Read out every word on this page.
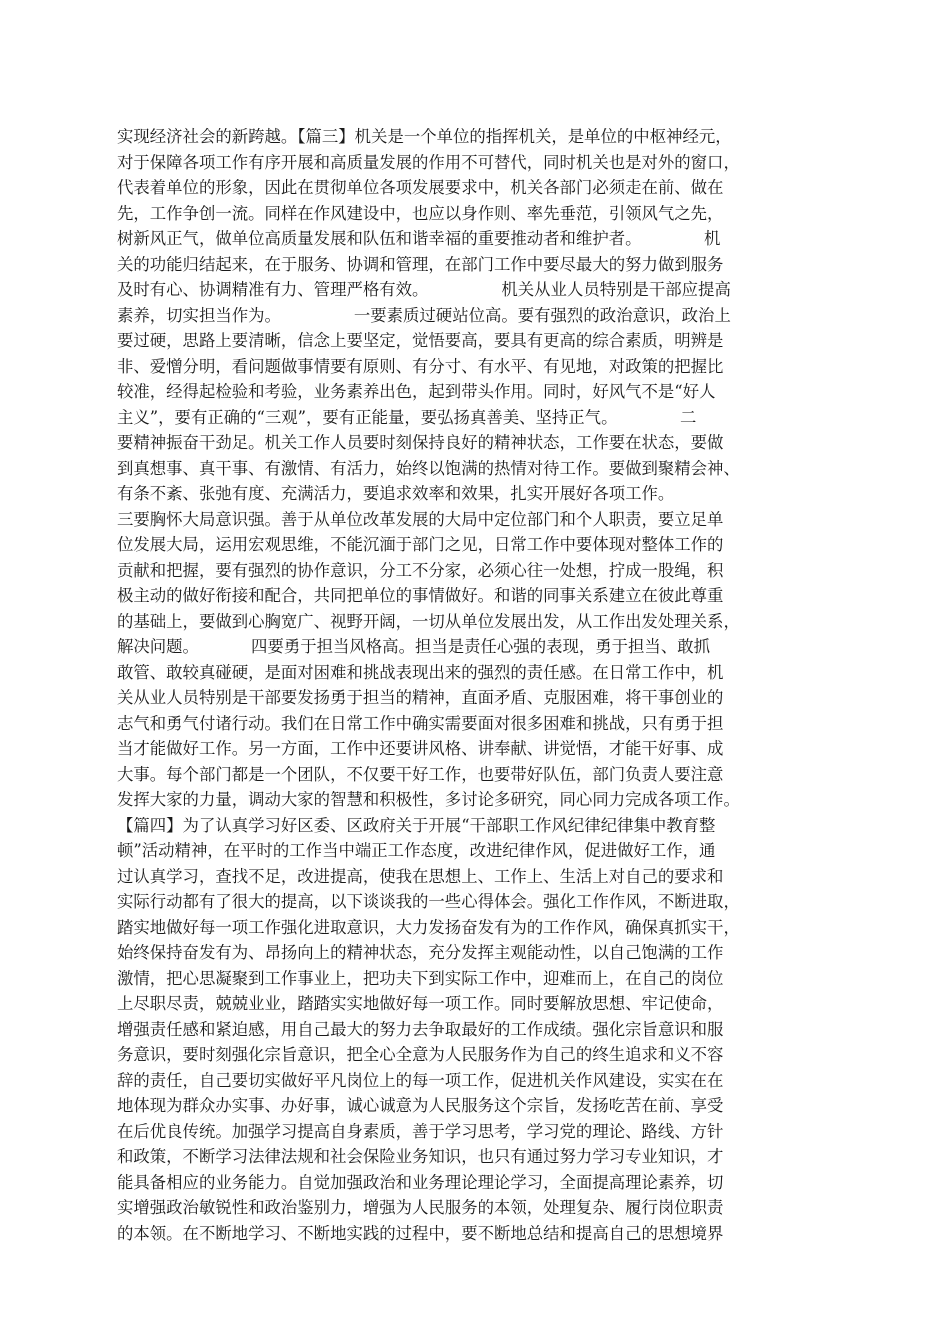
实现经济社会的新跨越。【篇三】机关是一个单位的指挥机关，是单位的中枢神经元，
对于保障各项工作有序开展和高质量发展的作用不可替代，同时机关也是对外的窗口，
代表着单位的形象，因此在贯彻单位各项发展要求中，机关各部门必须走在前、做在
先，工作争创一流。同样在作风建设中，也应以身作则、率先垂范，引领风气之先，
树新风正气，做单位高质量发展和队伍和谐幸福的重要推动者和维护者。            机
关的功能归结起来，在于服务、协调和管理，在部门工作中要尽最大的努力做到服务
及时有心、协调精准有力、管理严格有效。              机关从业人员特别是干部应提高
素养，切实担当作为。              一要素质过硬站位高。要有强烈的政治意识，政治上
要过硬，思路上要清晰，信念上要坚定，觉悟要高，要具有更高的综合素质，明辨是
非、爱憎分明，看问题做事情要有原则、有分寸、有水平、有见地，对政策的把握比
较准，经得起检验和考验，业务素养出色，起到带头作用。同时，好风气不是“好人
主义”，要有正确的“三观”，要有正能量，要弘扬真善美、坚持正气。            二
要精神振奋干劲足。机关工作人员要时刻保持良好的精神状态，工作要在状态，要做
到真想事、真干事、有激情、有活力，始终以饱满的热情对待工作。要做到聚精会神、
有条不紊、张弛有度、充满活力，要追求效率和效果，扎实开展好各项工作。
三要胸怀大局意识强。善于从单位改革发展的大局中定位部门和个人职责，要立足单
位发展大局，运用宏观思维，不能沉湎于部门之见，日常工作中要体现对整体工作的
贡献和把握，要有强烈的协作意识，分工不分家，必须心往一处想，拧成一股绳，积
极主动的做好衔接和配合，共同把单位的事情做好。和谐的同事关系建立在彼此尊重
的基础上，要做到心胸宽广、视野开阔，一切从单位发展出发，从工作出发处理关系，
解决问题。          四要勇于担当风格高。担当是责任心强的表现，勇于担当、敢抓
敢管、敢较真碰硬，是面对困难和挑战表现出来的强烈的责任感。在日常工作中，机
关从业人员特别是干部要发扬勇于担当的精神，直面矛盾、克服困难，将干事创业的
志气和勇气付诸行动。我们在日常工作中确实需要面对很多困难和挑战，只有勇于担
当才能做好工作。另一方面，工作中还要讲风格、讲奉献、讲觉悟，才能干好事、成
大事。每个部门都是一个团队，不仅要干好工作，也要带好队伍，部门负责人要注意
发挥大家的力量，调动大家的智慧和积极性，多讨论多研究，同心同力完成各项工作。
【篇四】为了认真学习好区委、区政府关于开展“干部职工作风纪律纪律集中教育整
顿”活动精神，在平时的工作当中端正工作态度，改进纪律作风，促进做好工作，通
过认真学习，查找不足，改进提高，使我在思想上、工作上、生活上对自己的要求和
实际行动都有了很大的提高，以下谈谈我的一些心得体会。强化工作作风，不断进取，
踏实地做好每一项工作强化进取意识，大力发扬奋发有为的工作作风，确保真抓实干，
始终保持奋发有为、昂扬向上的精神状态，充分发挥主观能动性，以自己饱满的工作
激情，把心思凝聚到工作事业上，把功夫下到实际工作中，迎难而上，在自己的岗位
上尽职尽责，兢兢业业，踏踏实实地做好每一项工作。同时要解放思想、牢记使命，
增强责任感和紧迫感，用自己最大的努力去争取最好的工作成绩。强化宗旨意识和服
务意识，要时刻强化宗旨意识，把全心全意为人民服务作为自己的终生追求和义不容
辞的责任，自己要切实做好平凡岗位上的每一项工作，促进机关作风建设，实实在在
地体现为群众办实事、办好事，诚心诚意为人民服务这个宗旨，发扬吃苦在前、享受
在后优良传统。加强学习提高自身素质，善于学习思考，学习党的理论、路线、方针
和政策，不断学习法律法规和社会保险业务知识，也只有通过努力学习专业知识，才
能具备相应的业务能力。自觉加强政治和业务理论理论学习，全面提高理论素养，切
实增强政治敏锐性和政治鉴别力，增强为人民服务的本领，处理复杂、履行岗位职责
的本领。在不断地学习、不断地实践的过程中，要不断地总结和提高自己的思想境界
